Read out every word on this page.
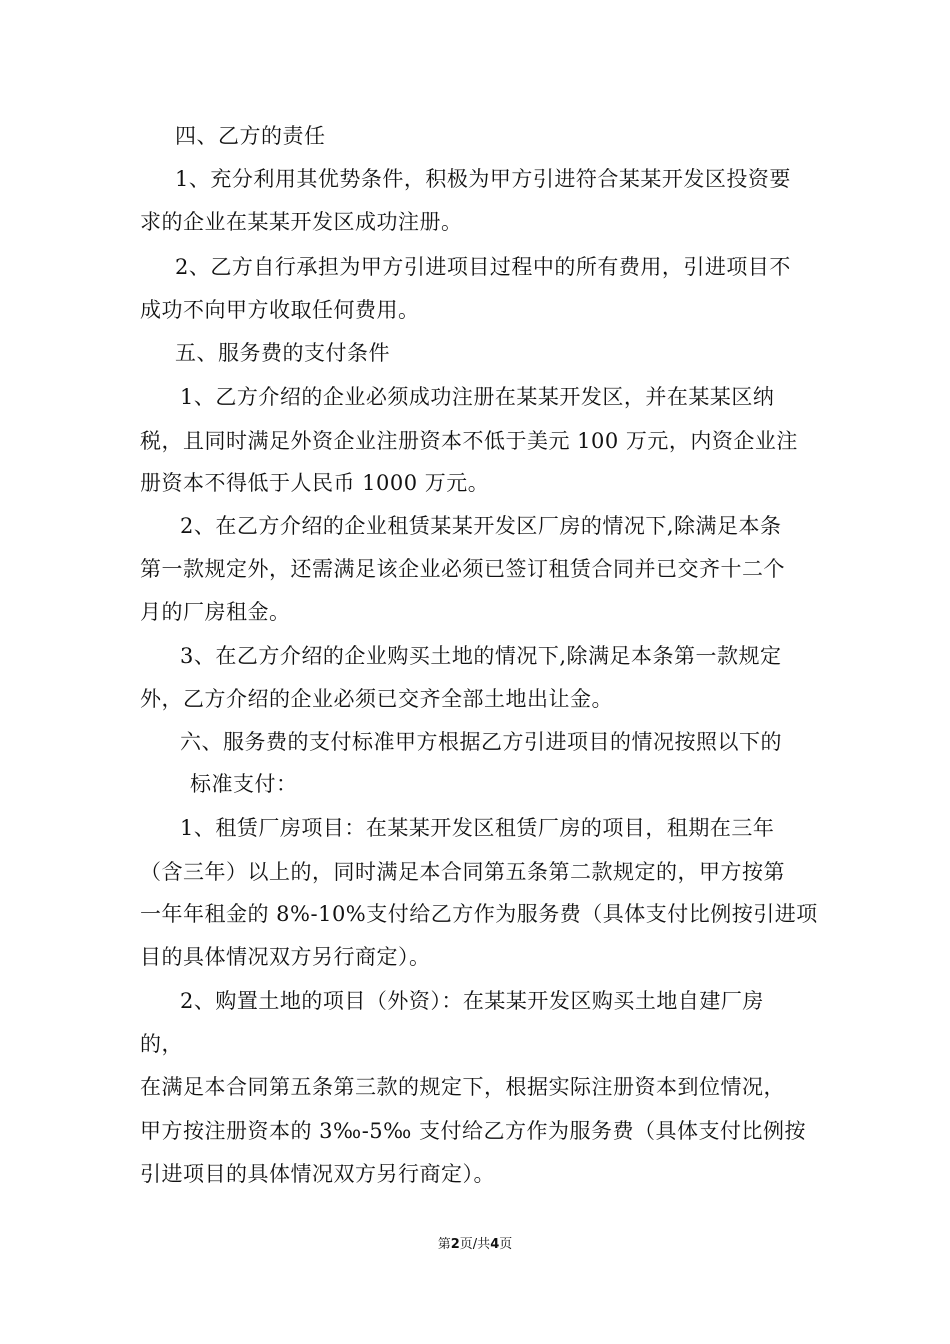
四、乙方的责任
1、充分利用其优势条件，积极为甲方引进符合某某开发区投资要
求的企业在某某开发区成功注册。
2、乙方自行承担为甲方引进项目过程中的所有费用，引进项目不
成功不向甲方收取任何费用。
五、服务费的支付条件
1、乙方介绍的企业必须成功注册在某某开发区，并在某某区纳
税，且同时满足外资企业注册资本不低于美元 100 万元，内资企业注
册资本不得低于人民币 1000 万元。
2、在乙方介绍的企业租赁某某开发区厂房的情况下,除满足本条
第一款规定外，还需满足该企业必须已签订租赁合同并已交齐十二个
月的厂房租金。
3、在乙方介绍的企业购买土地的情况下,除满足本条第一款规定
外，乙方介绍的企业必须已交齐全部土地出让金。
六、服务费的支付标准甲方根据乙方引进项目的情况按照以下的
标准支付：
1、租赁厂房项目：在某某开发区租赁厂房的项目，租期在三年
（含三年）以上的，同时满足本合同第五条第二款规定的，甲方按第
一年年租金的 8%-10%支付给乙方作为服务费（具体支付比例按引进项
目的具体情况双方另行商定）。
2、购置土地的项目（外资）：在某某开发区购买土地自建厂房
的，
在满足本合同第五条第三款的规定下，根据实际注册资本到位情况，
甲方按注册资本的 3‰-5‰ 支付给乙方作为服务费（具体支付比例按
引进项目的具体情况双方另行商定）。
第2页/共4页
